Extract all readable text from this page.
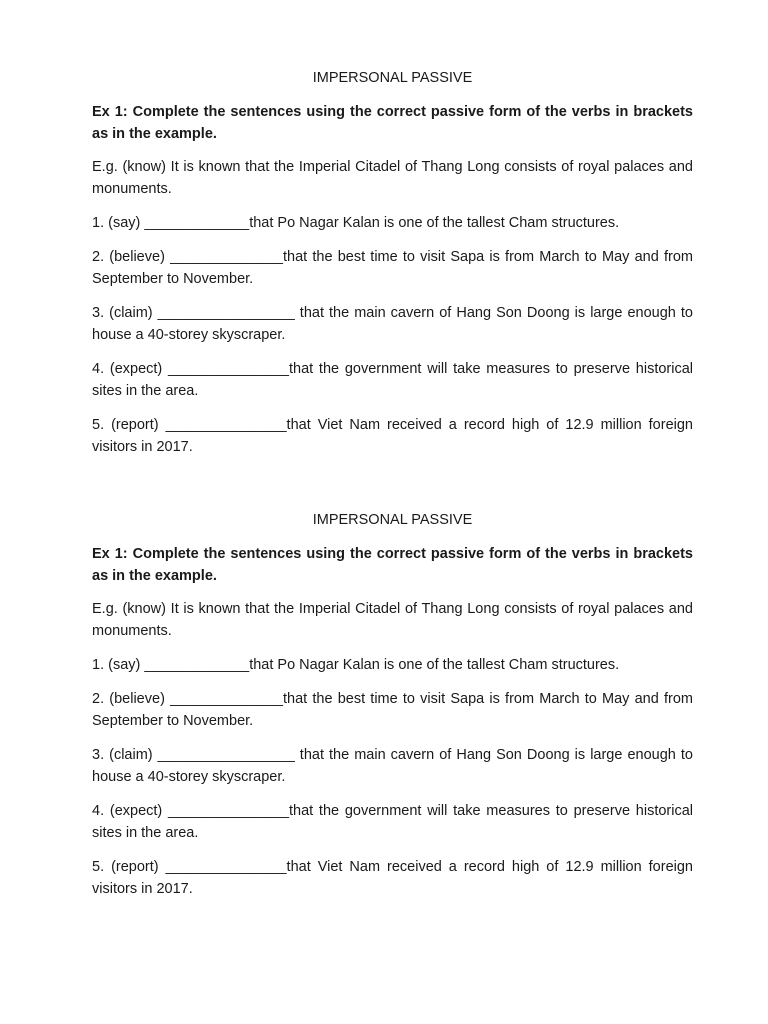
IMPERSONAL PASSIVE

Ex 1: Complete the sentences using the correct passive form of the verbs in brackets as in the example.

E.g. (know) It is known that the Imperial Citadel of Thang Long consists of royal palaces and monuments.

1. (say) _____________that Po Nagar Kalan is one of the tallest Cham structures.

2. (believe) ______________that the best time to visit Sapa is from March to May and from September to November.

3. (claim) _________________ that the main cavern of Hang Son Doong is large enough to house a 40-storey skyscraper.

4. (expect) _______________that the government will take measures to preserve historical sites in the area.

5. (report) _______________that Viet Nam received a record high of 12.9 million foreign visitors in 2017.

IMPERSONAL PASSIVE

Ex 1: Complete the sentences using the correct passive form of the verbs in brackets as in the example.

E.g. (know) It is known that the Imperial Citadel of Thang Long consists of royal palaces and monuments.

1. (say) _____________that Po Nagar Kalan is one of the tallest Cham structures.

2. (believe) ______________that the best time to visit Sapa is from March to May and from September to November.

3. (claim) _________________ that the main cavern of Hang Son Doong is large enough to house a 40-storey skyscraper.

4. (expect) _______________that the government will take measures to preserve historical sites in the area.

5. (report) _______________that Viet Nam received a record high of 12.9 million foreign visitors in 2017.
